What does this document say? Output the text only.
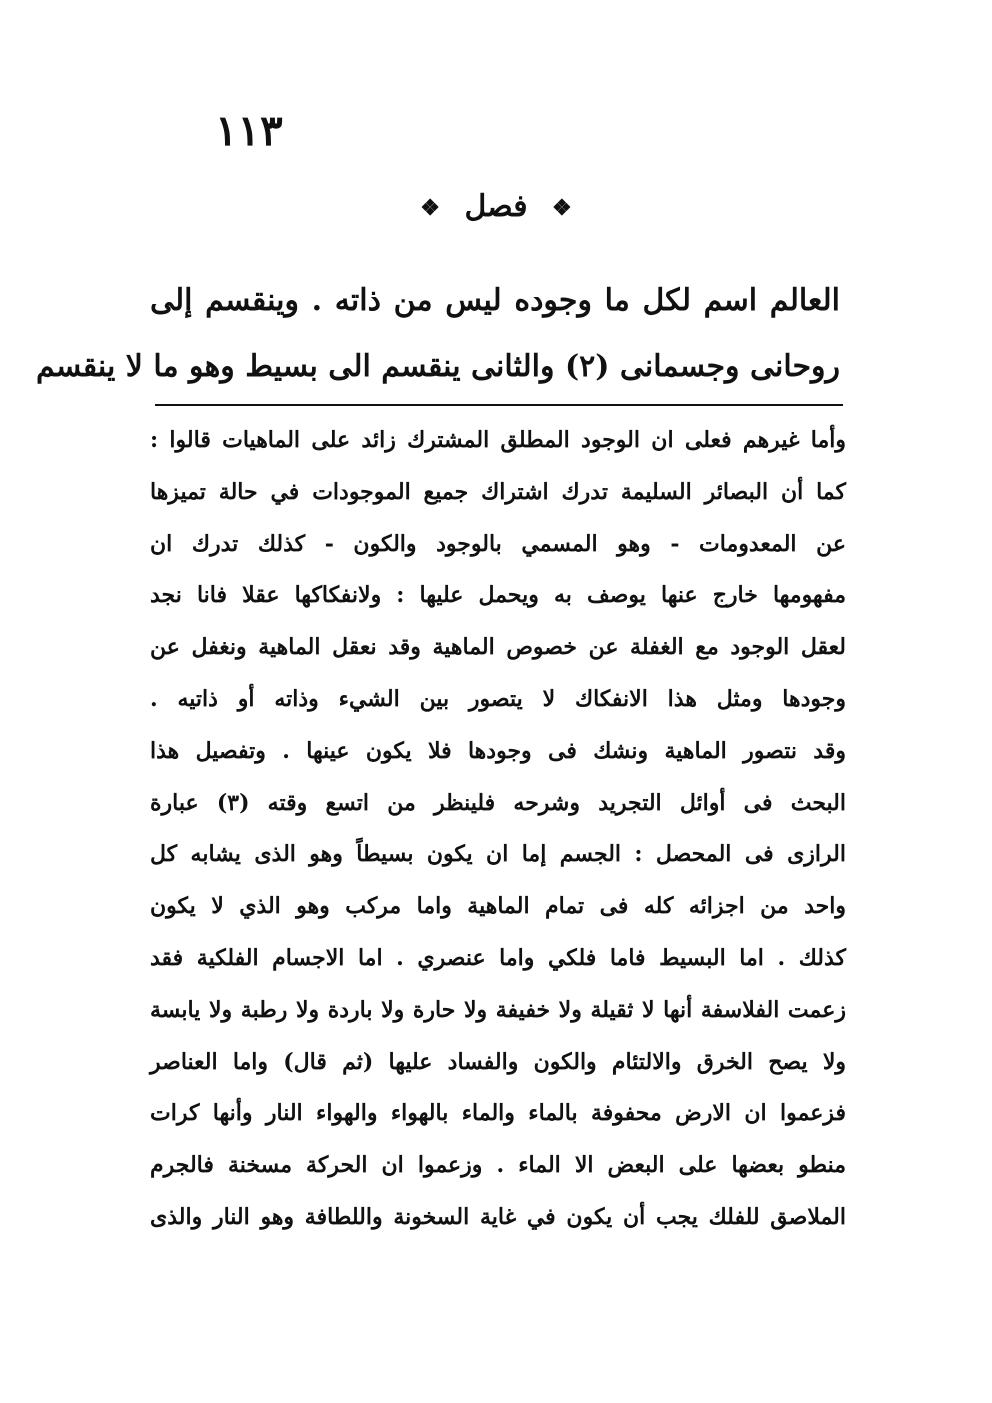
١١٣
❖ فصل ❖
العالم اسم لكل ما وجوده ليس من ذاته . وينقسم إلى
روحانى وجسمانى (٢) والثانى ينقسم الى بسيط وهو ما لا ينقسم
وأما غيرهم فعلى ان الوجود المطلق المشترك زائد على الماهيات قالوا :
كما أن البصائر السليمة تدرك اشتراك جميع الموجودات في حالة تميزها
عن المعدومات - وهو المسمي بالوجود والكون - كذلك تدرك ان
مفهومها خارج عنها يوصف به ويحمل عليها : ولانفكاكها عقلا فانا نجد
لعقل الوجود مع الغفلة عن خصوص الماهية وقد نعقل الماهية ونغفل عن
وجودها ومثل هذا الانفكاك لا يتصور بين الشيء وذاته أو ذاتيه .
وقد نتصور الماهية ونشك فى وجودها فلا يكون عينها . وتفصيل هذا
البحث فى أوائل التجريد وشرحه فلينظر من اتسع وقته (٣) عبارة
الرازى فى المحصل : الجسم إما ان يكون بسيطاً وهو الذى يشابه كل
واحد من اجزائه كله فى تمام الماهية واما مركب وهو الذي لا يكون
كذلك . اما البسيط فاما فلكي واما عنصري . اما الاجسام الفلكية فقد
زعمت الفلاسفة أنها لا ثقيلة ولا خفيفة ولا حارة ولا باردة ولا رطبة ولا يابسة
ولا يصح الخرق والالتئام والكون والفساد عليها (ثم قال) واما العناصر
فزعموا ان الارض محفوفة بالماء والماء بالهواء والهواء النار وأنها كرات
منطو بعضها على البعض الا الماء . وزعموا ان الحركة مسخنة فالجرم
الملاصق للفلك يجب أن يكون في غاية السخونة واللطافة وهو النار والذى
